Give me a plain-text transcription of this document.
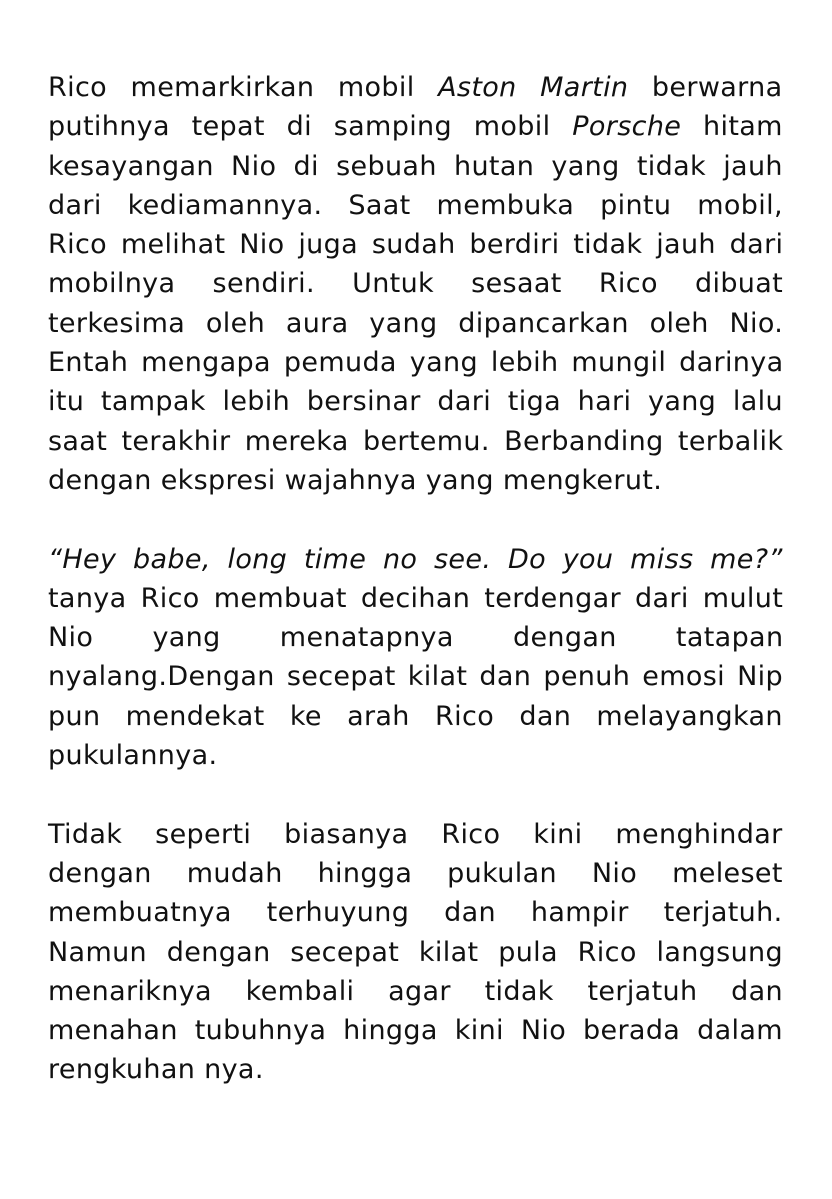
Rico memarkirkan mobil Aston Martin berwarna
putihnya tepat di samping mobil Porsche hitam
kesayangan Nio di sebuah hutan yang tidak jauh
dari kediamannya. Saat membuka pintu mobil,
Rico melihat Nio juga sudah berdiri tidak jauh dari
mobilnya sendiri. Untuk sesaat Rico dibuat
terkesima oleh aura yang dipancarkan oleh Nio.
Entah mengapa pemuda yang lebih mungil darinya
itu tampak lebih bersinar dari tiga hari yang lalu
saat terakhir mereka bertemu. Berbanding terbalik
dengan ekspresi wajahnya yang mengkerut.
“Hey babe, long time no see. Do you miss me?”
tanya Rico membuat decihan terdengar dari mulut
Nio yang menatapnya dengan tatapan
nyalang.Dengan secepat kilat dan penuh emosi Nip
pun mendekat ke arah Rico dan melayangkan
pukulannya.
Tidak seperti biasanya Rico kini menghindar
dengan mudah hingga pukulan Nio meleset
membuatnya terhuyung dan hampir terjatuh.
Namun dengan secepat kilat pula Rico langsung
menariknya kembali agar tidak terjatuh dan
menahan tubuhnya hingga kini Nio berada dalam
rengkuhan nya.
